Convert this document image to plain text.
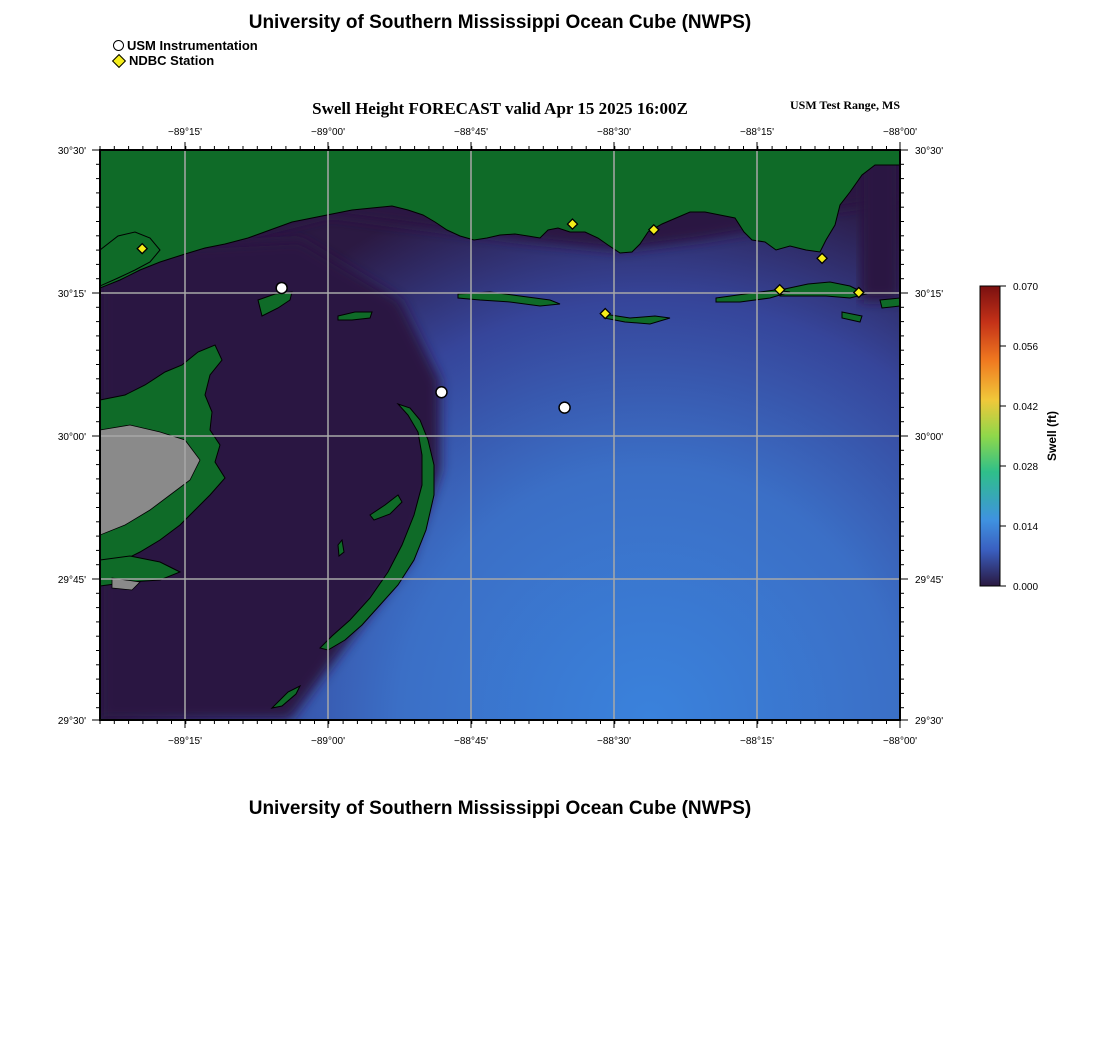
University of Southern Mississippi Ocean Cube (NWPS)
USM Instrumentation
NDBC Station
Swell Height FORECAST valid Apr 15 2025 16:00Z	USM Test Range, MS
−89°15'	−89°00'	−88°45'	−88°30'	−88°15'	−88°00'
−89°15'	−89°00'	−88°45'	−88°30'	−88°15'	−88°00'
30°30'
30°15'
30°00'
29°45'
29°30'
30°30'
30°15'
30°00'
29°45'
29°30'
0.070
0.056
0.042
0.028
0.014
0.000
Swell (ft)
University of Southern Mississippi Ocean Cube (NWPS)
